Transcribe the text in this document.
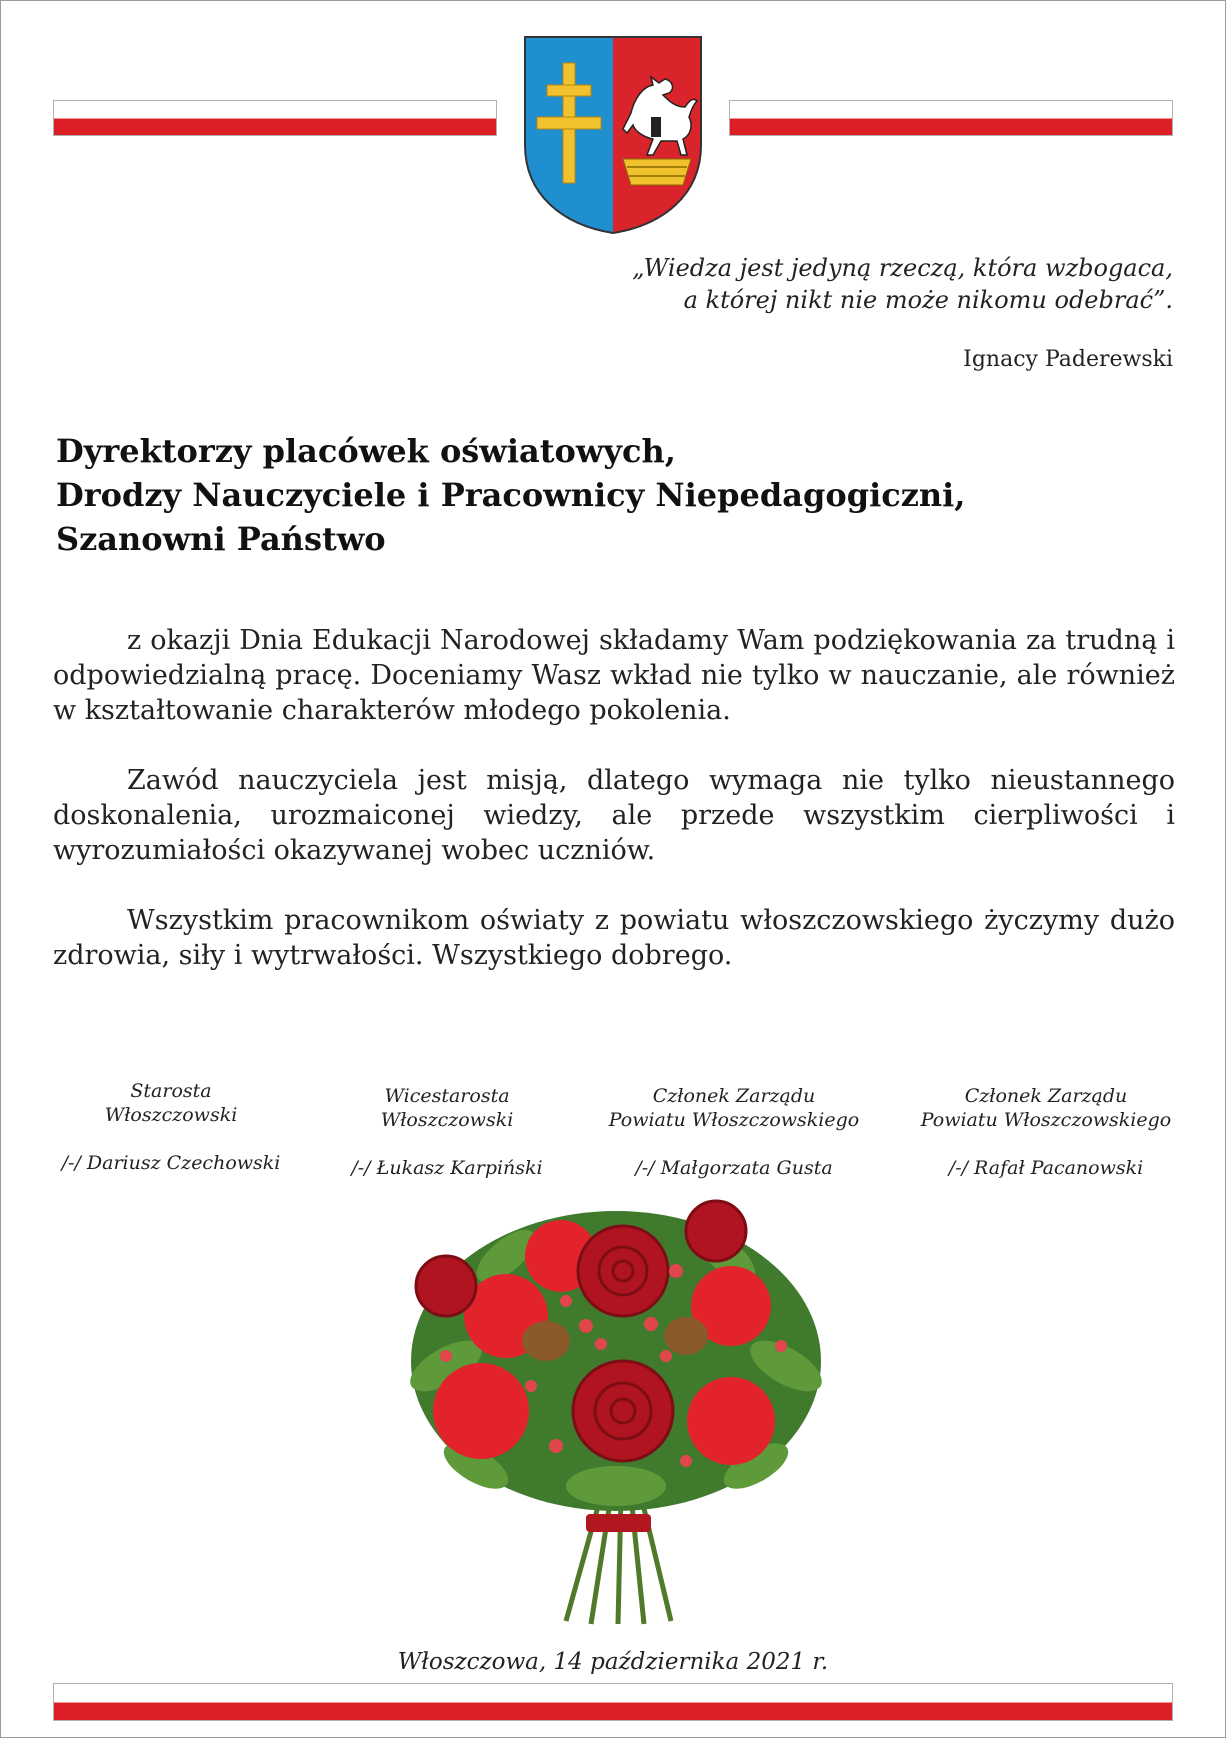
„Wiedza jest jedyną rzeczą, która wzbogaca,
a której nikt nie może nikomu odebrać”.
Ignacy Paderewski
Dyrektorzy placówek oświatowych,
Drodzy Nauczyciele i Pracownicy Niepedagogiczni,
Szanowni Państwo

z okazji Dnia Edukacji Narodowej składamy Wam podziękowania za trudną i odpowiedzialną pracę. Doceniamy Wasz wkład nie tylko w nauczanie, ale również w kształtowanie charakterów młodego pokolenia.

Zawód nauczyciela jest misją, dlatego wymaga nie tylko nieustannego doskonalenia, urozmaiconej wiedzy, ale przede wszystkim cierpliwości i wyrozumiałości okazywanej wobec uczniów.

Wszystkim pracownikom oświaty z powiatu włoszczowskiego życzymy dużo zdrowia, siły i wytrwałości. Wszystkiego dobrego.

Starosta
Włoszczowski
/-/ Dariusz Czechowski
Wicestarosta
Włoszczowski
/-/ Łukasz Karpiński
Członek Zarządu
Powiatu Włoszczowskiego
/-/ Małgorzata Gusta
Członek Zarządu
Powiatu Włoszczowskiego
/-/ Rafał Pacanowski
Włoszczowa, 14 października 2021 r.
